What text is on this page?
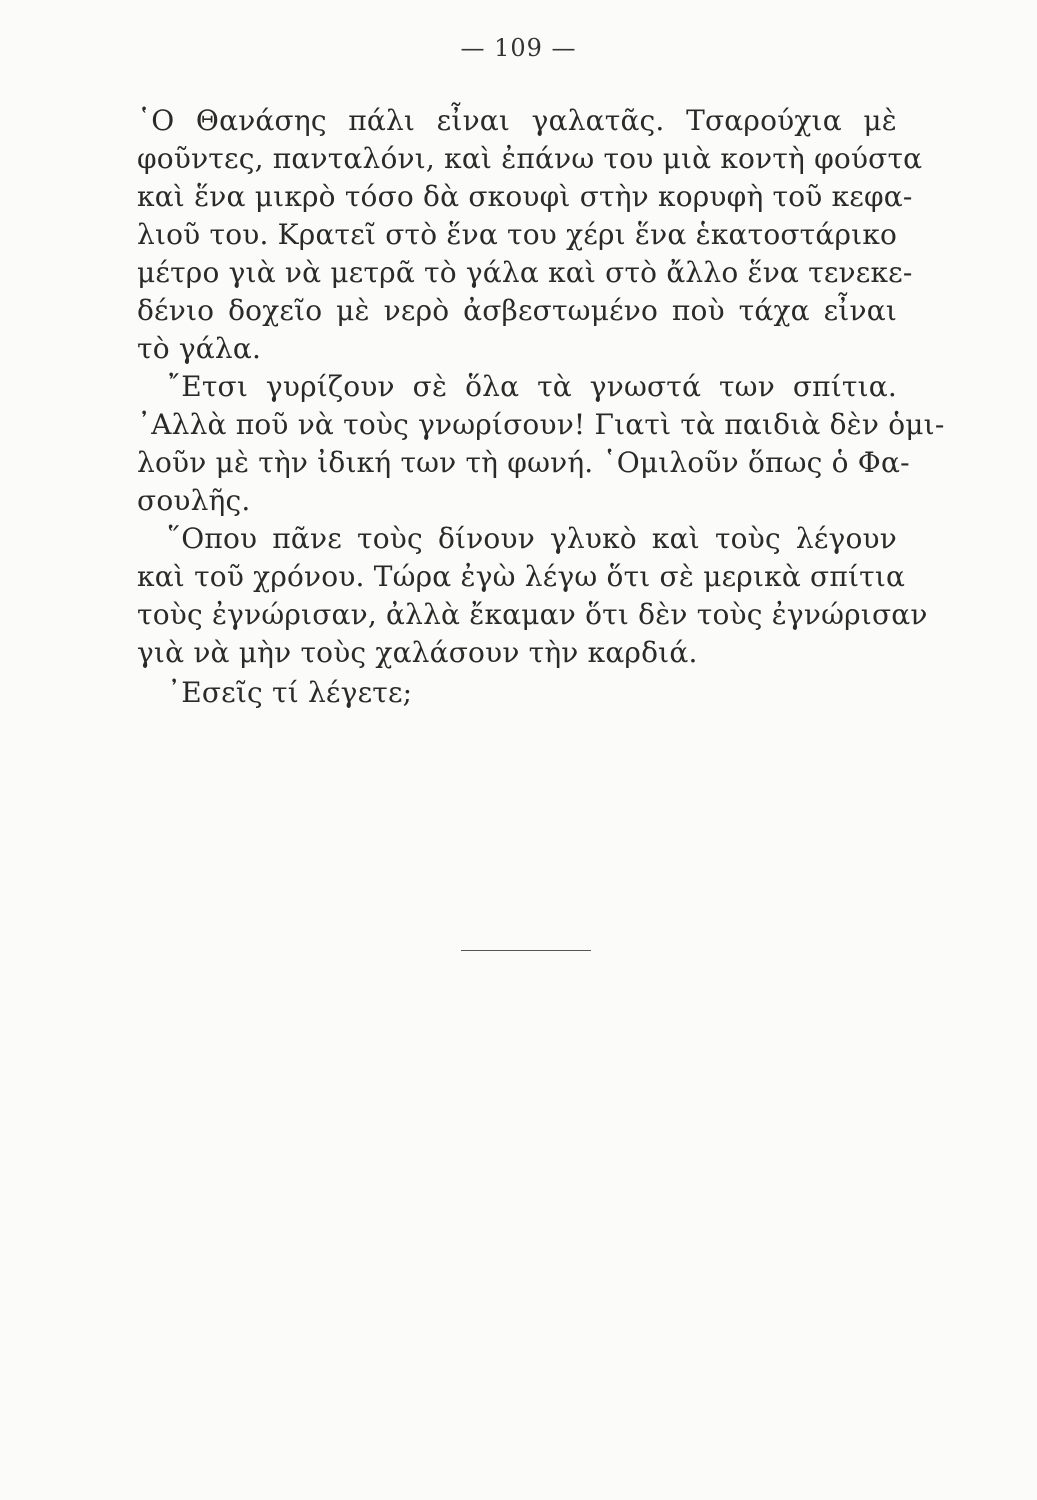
— 109 —
῾Ο Θανάσης πάλι εἶναι γαλατᾶς. Τσαρούχια μὲ
φοῦντες, πανταλόνι, καὶ ἐπάνω του μιὰ κοντὴ φούστα
καὶ ἕνα μικρὸ τόσο δὰ σκουφὶ στὴν κορυφὴ τοῦ κεφα-
λιοῦ του. Κρατεῖ στὸ ἕνα του χέρι ἕνα ἑκατοστάρικο
μέτρο γιὰ νὰ μετρᾶ τὸ γάλα καὶ στὸ ἄλλο ἕνα τενεκε-
δένιο δοχεῖο μὲ νερὸ ἀσβεστωμένο ποὺ τάχα εἶναι
τὸ γάλα.
῎Ετσι γυρίζουν σὲ ὅλα τὰ γνωστά των σπίτια.
᾿Αλλὰ ποῦ νὰ τοὺς γνωρίσουν! Γιατὶ τὰ παιδιὰ δὲν ὁμι-
λοῦν μὲ τὴν ἰδική των τὴ φωνή. ῾Ομιλοῦν ὅπως ὁ Φα-
σουλῆς.
῞Οπου πᾶνε τοὺς δίνουν γλυκὸ καὶ τοὺς λέγουν
καὶ τοῦ χρόνου. Τώρα ἐγὼ λέγω ὅτι σὲ μερικὰ σπίτια
τοὺς ἐγνώρισαν, ἀλλὰ ἔκαμαν ὅτι δὲν τοὺς ἐγνώρισαν
γιὰ νὰ μὴν τοὺς χαλάσουν τὴν καρδιά.
᾿Εσεῖς τί λέγετε;
